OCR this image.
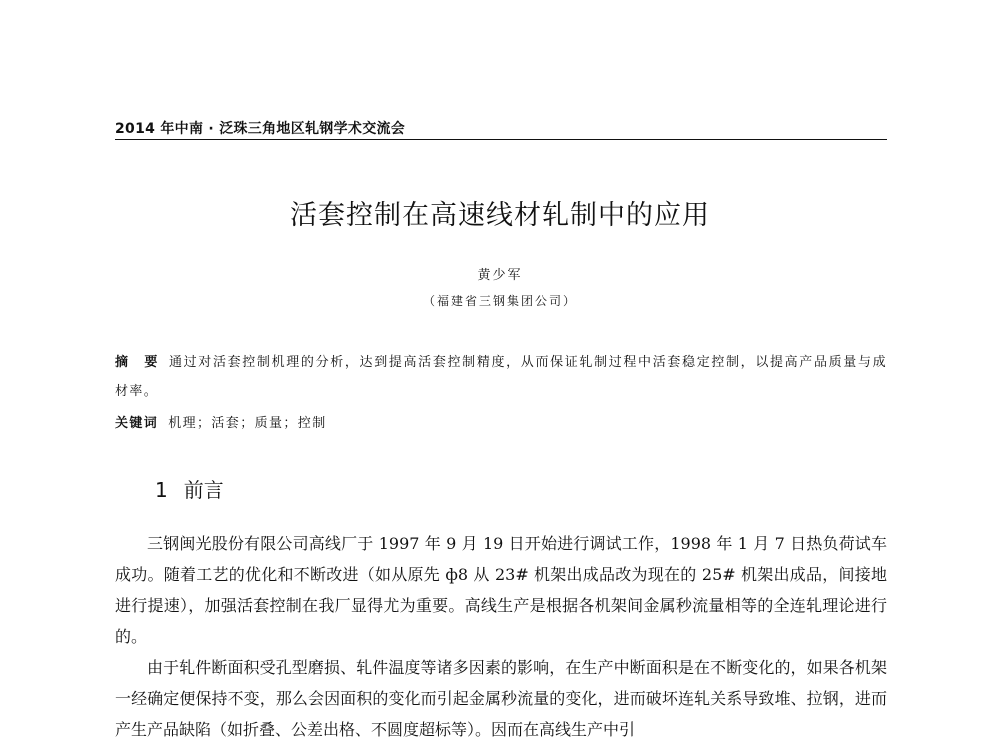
2014 年中南 · 泛珠三角地区轧钢学术交流会
活套控制在高速线材轧制中的应用
黄少军
（福建省三钢集团公司）
摘　要 通过对活套控制机理的分析，达到提高活套控制精度，从而保证轧制过程中活套稳定控制，以提高产品质量与成材率。
关键词 机理；活套；质量；控制
1 前言

三钢闽光股份有限公司高线厂于 1997 年 9 月 19 日开始进行调试工作，1998 年 1 月 7 日热负荷试车成功。随着工艺的优化和不断改进（如从原先 ф8 从 23# 机架出成品改为现在的 25# 机架出成品，间接地进行提速），加强活套控制在我厂显得尤为重要。高线生产是根据各机架间金属秒流量相等的全连轧理论进行的。

由于轧件断面积受孔型磨损、轧件温度等诸多因素的影响，在生产中断面积是在不断变化的，如果各机架一经确定便保持不变，那么会因面积的变化而引起金属秒流量的变化，进而破坏连轧关系导致堆、拉钢，进而产生产品缺陷（如折叠、公差出格、不圆度超标等）。因而在高线生产中引
